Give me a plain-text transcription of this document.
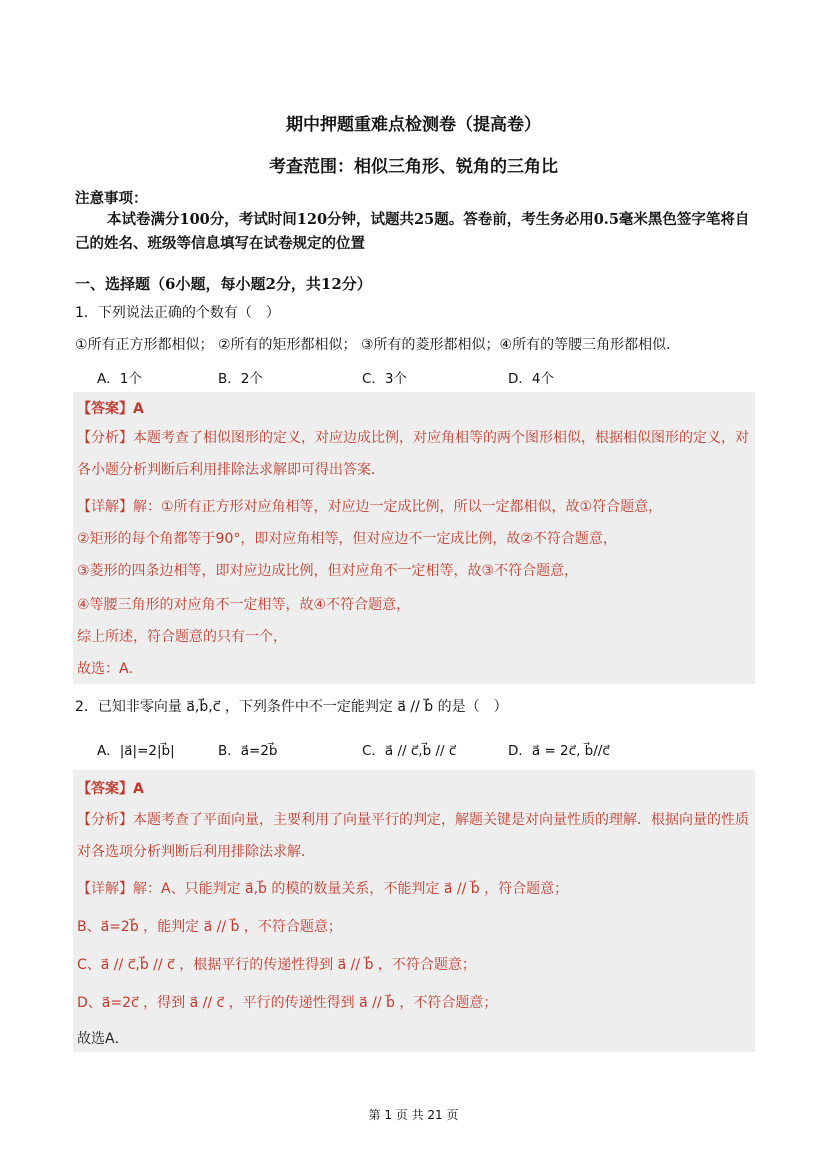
期中押题重难点检测卷（提高卷）
考查范围：相似三角形、锐角的三角比
注意事项：
本试卷满分100分，考试时间120分钟，试题共25题。答卷前，考生务必用0.5毫米黑色签字笔将自己的姓名、班级等信息填写在试卷规定的位置
一、选择题（6小题，每小题2分，共12分）
1．下列说法正确的个数有（　）
①所有正方形都相似； ②所有的矩形都相似； ③所有的菱形都相似；④所有的等腰三角形都相似．
A．1个	B．2个	C．3个	D．4个
【答案】A
【分析】本题考查了相似图形的定义，对应边成比例，对应角相等的两个图形相似，根据相似图形的定义，对各小题分析判断后利用排除法求解即可得出答案．
【详解】解：①所有正方形对应角相等，对应边一定成比例，所以一定都相似，故①符合题意，
②矩形的每个角都等于90°，即对应角相等，但对应边不一定成比例，故②不符合题意，
③菱形的四条边相等，即对应边成比例，但对应角不一定相等，故③不符合题意，
④等腰三角形的对应角不一定相等，故④不符合题意，
综上所述，符合题意的只有一个，
故选：A．
2．已知非零向量 a⃗,b⃗,c⃗ ，下列条件中不一定能判定 a⃗ // b⃗ 的是（　）
A．|a⃗|=2|b⃗|	B．a⃗=2b⃗	C．a⃗ // c⃗,b⃗ // c⃗	D．a⃗ = 2c⃗, b⃗//c⃗
【答案】A
【分析】本题考查了平面向量，主要利用了向量平行的判定，解题关键是对向量性质的理解．根据向量的性质对各选项分析判断后利用排除法求解．
【详解】解：A、只能判定 a⃗,b⃗ 的模的数量关系，不能判定 a⃗ // b⃗ ，符合题意；
B、a⃗=2b⃗ ，能判定 a⃗ // b⃗ ，不符合题意；
C、a⃗ // c⃗,b⃗ // c⃗ ，根据平行的传递性得到 a⃗ // b⃗ ，不符合题意；
D、a⃗=2c⃗ ，得到 a⃗ // c⃗ ，平行的传递性得到 a⃗ // b⃗ ，不符合题意；
故选A．
第 1 页 共 21 页
